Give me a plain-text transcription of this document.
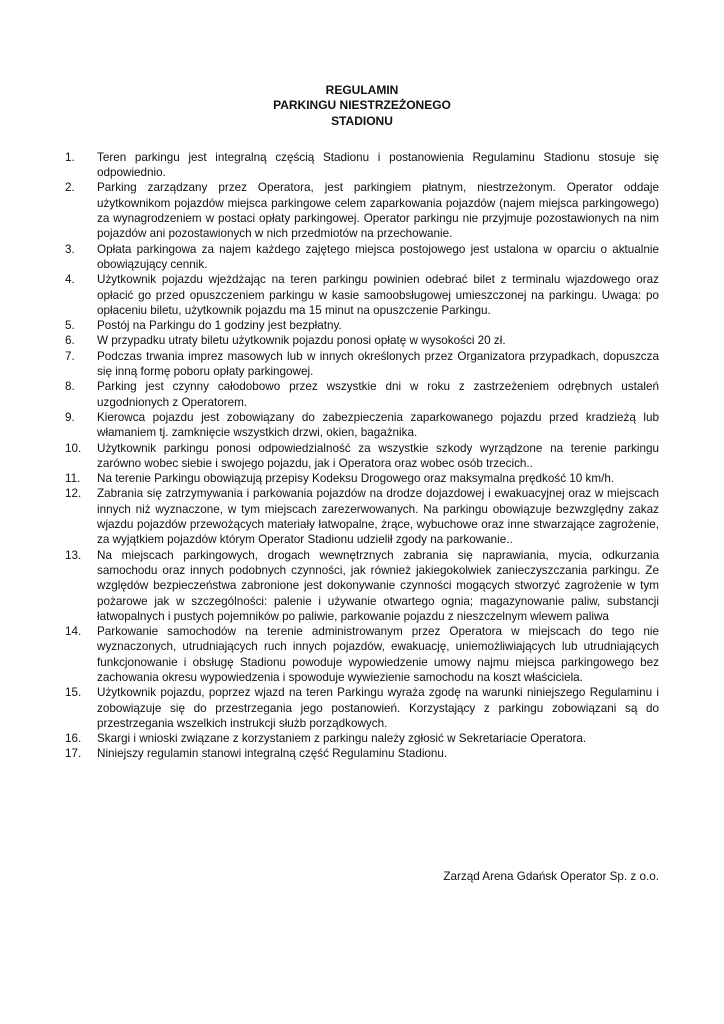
REGULAMIN
PARKINGU NIESTRZEŻONEGO
STADIONU
1.	Teren parkingu jest integralną częścią Stadionu i postanowienia Regulaminu Stadionu stosuje się odpowiednio.
2.	Parking zarządzany przez Operatora, jest parkingiem płatnym, niestrzeżonym. Operator oddaje użytkownikom pojazdów miejsca parkingowe celem zaparkowania pojazdów (najem miejsca parkingowego) za wynagrodzeniem w postaci opłaty parkingowej. Operator parkingu nie przyjmuje pozostawionych na nim pojazdów ani pozostawionych w nich przedmiotów na przechowanie.
3.	Opłata parkingowa za najem każdego zajętego miejsca postojowego jest ustalona w oparciu o aktualnie obowiązujący cennik.
4.	Użytkownik pojazdu wjeżdżając na teren parkingu powinien odebrać bilet z terminalu wjazdowego oraz opłacić go przed opuszczeniem parkingu w kasie samoobsługowej umieszczonej na parkingu. Uwaga: po opłaceniu biletu, użytkownik pojazdu ma 15 minut na opuszczenie Parkingu.
5.	Postój na Parkingu do 1 godziny jest bezpłatny.
6.	W przypadku utraty biletu użytkownik pojazdu ponosi opłatę w wysokości 20 zł.
7.	Podczas trwania imprez masowych lub w innych określonych przez Organizatora przypadkach, dopuszcza się inną formę poboru opłaty parkingowej.
8.	Parking jest czynny całodobowo przez wszystkie dni w roku z zastrzeżeniem odrębnych ustaleń uzgodnionych z Operatorem.
9.	Kierowca pojazdu jest zobowiązany do zabezpieczenia zaparkowanego pojazdu przed kradzieżą lub włamaniem tj. zamknięcie wszystkich drzwi, okien, bagażnika.
10.	Użytkownik parkingu ponosi odpowiedzialność za wszystkie szkody wyrządzone na terenie parkingu zarówno wobec siebie i swojego pojazdu, jak i Operatora oraz wobec osób trzecich..
11.	Na terenie Parkingu obowiązują przepisy Kodeksu Drogowego oraz maksymalna prędkość 10 km/h.
12.	Zabrania się zatrzymywania i parkowania pojazdów na drodze dojazdowej i ewakuacyjnej oraz w miejscach innych niż wyznaczone, w tym miejscach zarezerwowanych. Na parkingu obowiązuje bezwzględny zakaz wjazdu pojazdów przewożących materiały łatwopalne, żrące, wybuchowe oraz inne stwarzające zagrożenie, za wyjątkiem pojazdów którym Operator Stadionu udzielił zgody na parkowanie..
13.	Na miejscach parkingowych, drogach wewnętrznych zabrania się naprawiania, mycia, odkurzania samochodu oraz innych podobnych czynności, jak również jakiegokolwiek zanieczyszczania parkingu. Ze względów bezpieczeństwa zabronione jest dokonywanie czynności mogących stworzyć zagrożenie w tym pożarowe jak w szczególności: palenie i używanie otwartego ognia; magazynowanie paliw, substancji łatwopalnych i pustych pojemników po paliwie, parkowanie pojazdu z nieszczelnym wlewem paliwa
14.	Parkowanie samochodów na terenie administrowanym przez Operatora w miejscach do tego nie wyznaczonych, utrudniających ruch innych pojazdów, ewakuację, uniemożliwiających lub utrudniających funkcjonowanie i obsługę Stadionu powoduje wypowiedzenie umowy najmu miejsca parkingowego bez zachowania okresu wypowiedzenia i spowoduje wywiezienie samochodu na koszt właściciela.
15.	Użytkownik pojazdu, poprzez wjazd na teren Parkingu wyraża zgodę na warunki niniejszego Regulaminu i zobowiązuje się do przestrzegania jego postanowień. Korzystający z parkingu zobowiązani są do przestrzegania wszelkich instrukcji służb porządkowych.
16.	Skargi i wnioski związane z korzystaniem z parkingu należy zgłosić w Sekretariacie Operatora.
17.	Niniejszy regulamin stanowi integralną część Regulaminu Stadionu.
Zarząd Arena Gdańsk Operator Sp. z o.o.
